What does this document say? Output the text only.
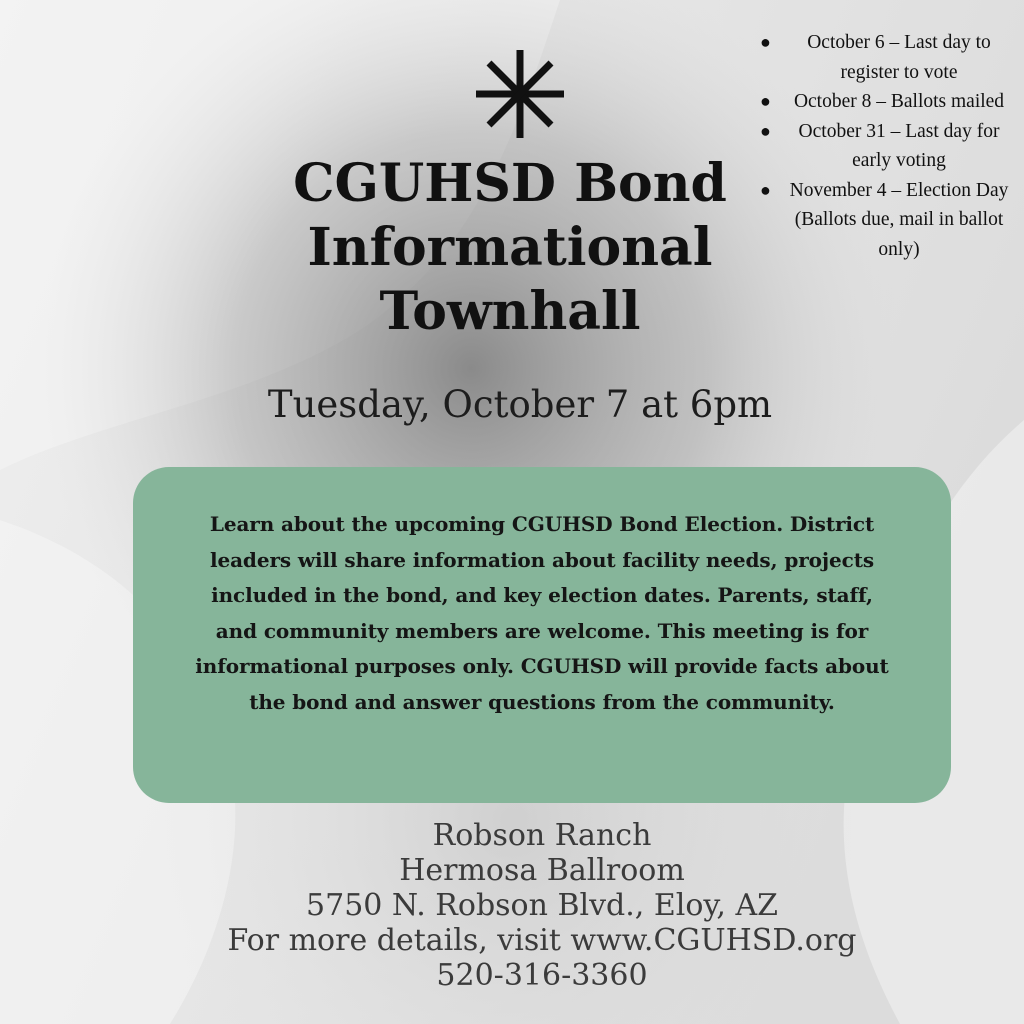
CGUHSD Bond
Informational
Townhall
Tuesday, October 7 at 6pm
● October 6 – Last day to register to vote
● October 8 – Ballots mailed
● October 31 – Last day for early voting
● November 4 – Election Day (Ballots due, mail in ballot only)

Learn about the upcoming CGUHSD Bond Election. District leaders will share information about facility needs, projects included in the bond, and key election dates. Parents, staff, and community members are welcome. This meeting is for informational purposes only. CGUHSD will provide facts about the bond and answer questions from the community.

Robson Ranch
Hermosa Ballroom
5750 N. Robson Blvd., Eloy, AZ
For more details, visit www.CGUHSD.org
520-316-3360
